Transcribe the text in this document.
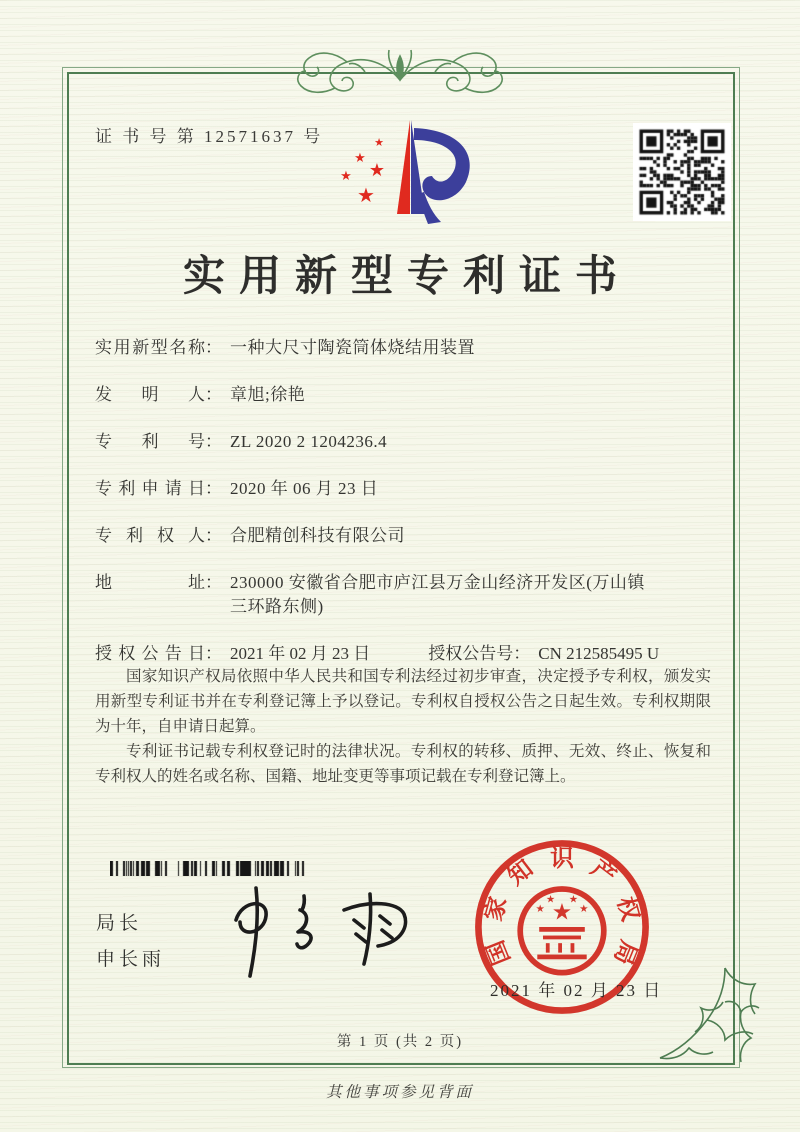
证 书 号 第 12571637 号	★
★
★
★
★
实用新型专利证书
实用新型名称 ： 一种大尺寸陶瓷筒体烧结用装置
发明人 ： 章旭;徐艳
专利号 ： ZL 2020 2 1204236.4
专利申请日 ： 2020 年 06 月 23 日
专利权人 ： 合肥精创科技有限公司
地址 ： 230000 安徽省合肥市庐江县万金山经济开发区(万山镇三环路东侧)
授权公告日 ： 2021 年 02 月 23 日	授权公告号 ： CN 212585495 U

国家知识产权局依照中华人民共和国专利法经过初步审查，决定授予专利权，颁发实用新型专利证书并在专利登记簿上予以登记。专利权自授权公告之日起生效。专利权期限为十年，自申请日起算。

专利证书记载专利权登记时的法律状况。专利权的转移、质押、无效、终止、恢复和专利权人的姓名或名称、国籍、地址变更等事项记载在专利登记簿上。

局长
申长雨	国
家
知 识 产
权
局
★
★
★ ★
★
2021 年 02 月 23 日
第 1 页 (共 2 页)
其他事项参见背面
